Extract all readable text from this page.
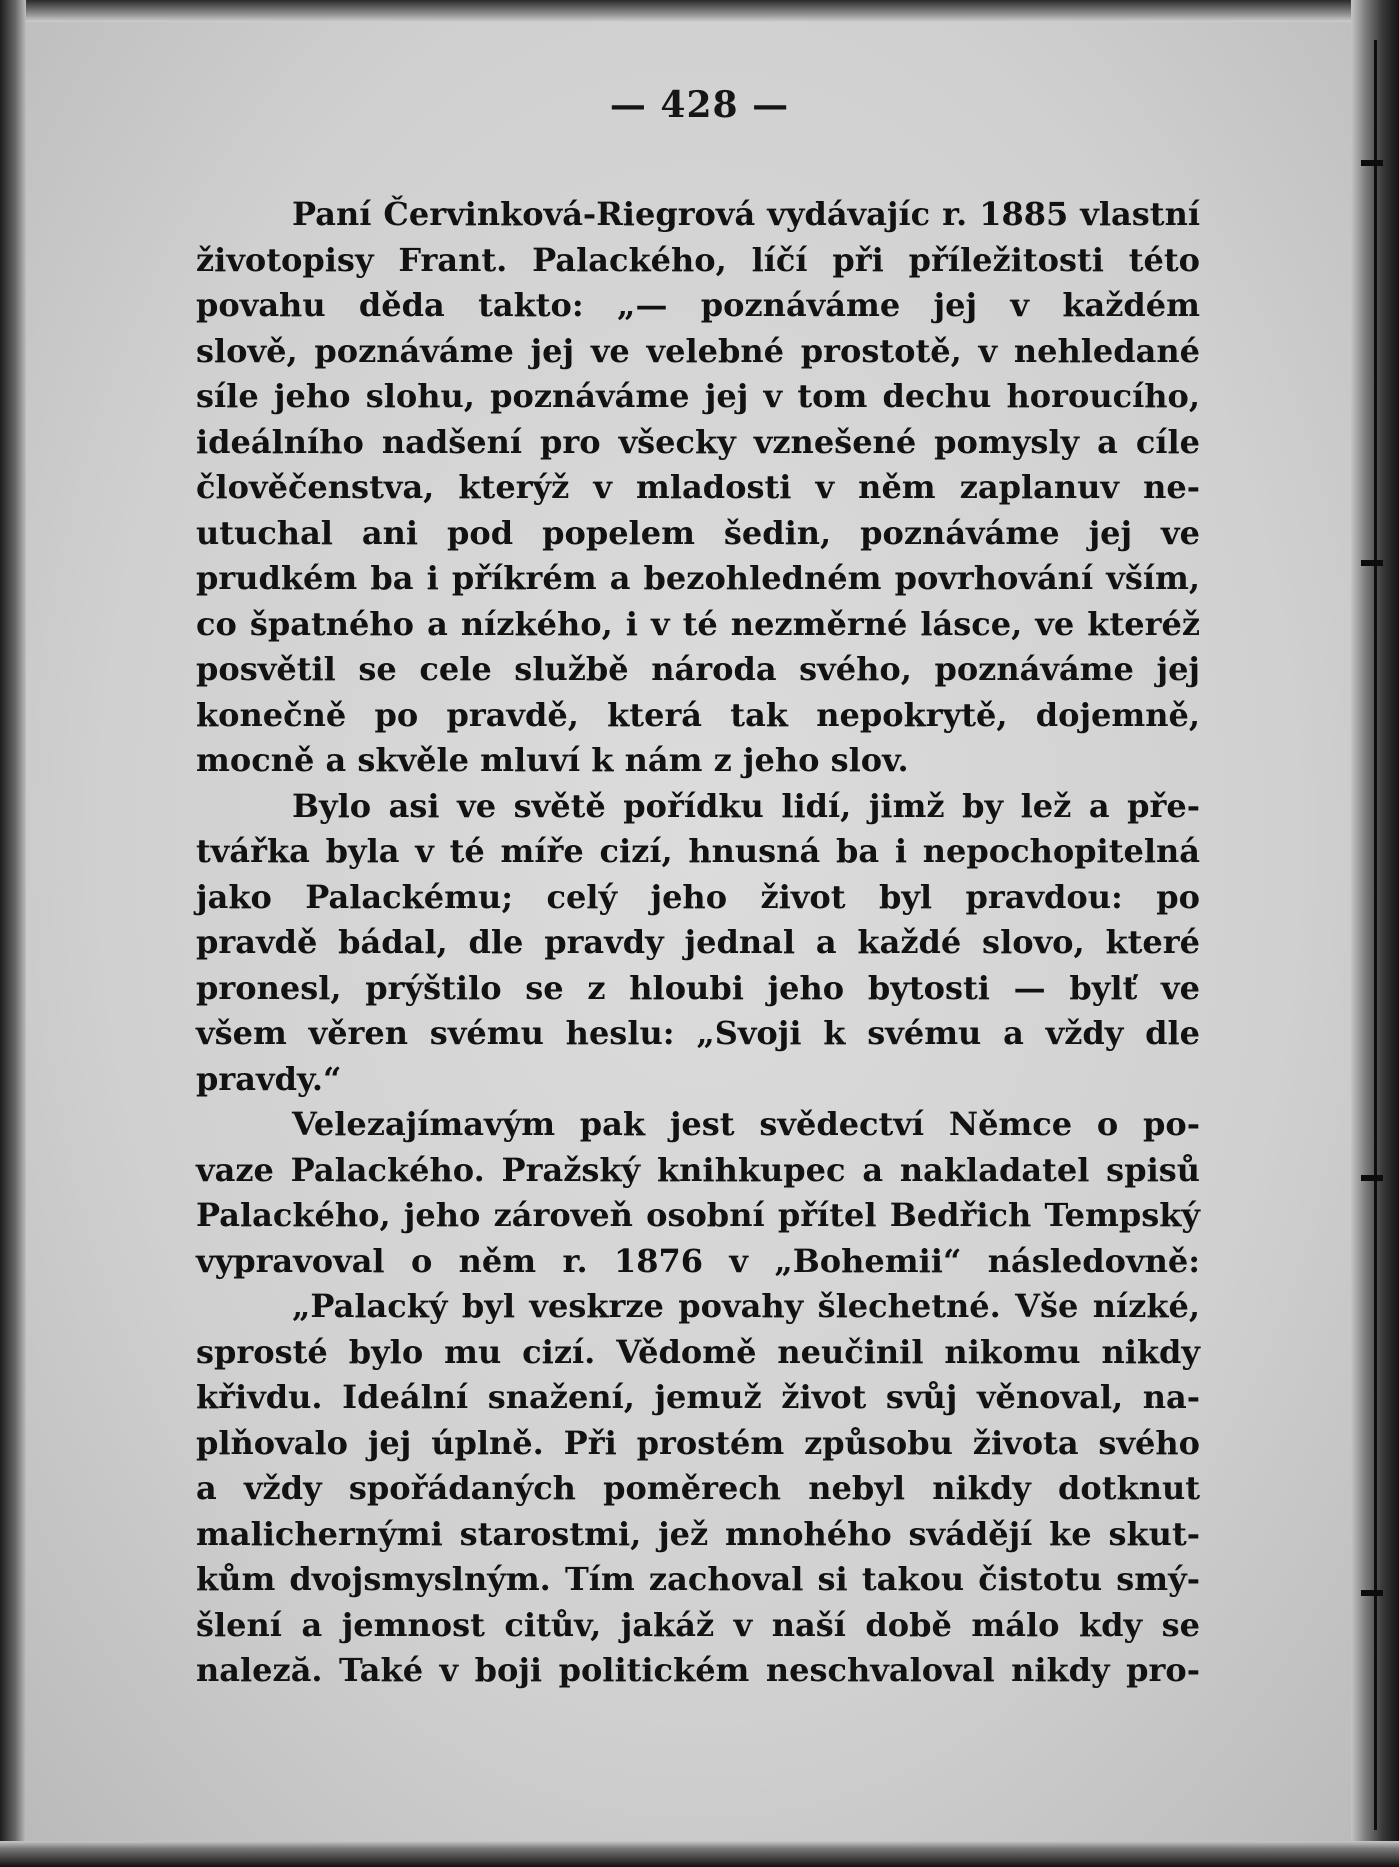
— 428 —
Paní Červinková-Riegrová vydávajíc r. 1885 vlastní
životopisy Frant. Palackého, líčí při příležitosti této
povahu děda takto: „— poznáváme jej v každém
slově, poznáváme jej ve velebné prostotě, v nehledané
síle jeho slohu, poznáváme jej v tom dechu horoucího,
ideálního nadšení pro všecky vznešené pomysly a cíle
člověčenstva, kterýž v mladosti v něm zaplanuv ne-
utuchal ani pod popelem šedin, poznáváme jej ve
prudkém ba i příkrém a bezohledném povrhování vším,
co špatného a nízkého, i v té nezměrné lásce, ve kteréž
posvětil se cele službě národa svého, poznáváme jej
konečně po pravdě, která tak nepokrytě, dojemně,
mocně a skvěle mluví k nám z jeho slov.
Bylo asi ve světě pořídku lidí, jimž by lež a pře-
tvářka byla v té míře cizí, hnusná ba i nepochopitelná
jako Palackému; celý jeho život byl pravdou: po
pravdě bádal, dle pravdy jednal a každé slovo, které
pronesl, prýštilo se z hloubi jeho bytosti — bylť ve
všem věren svému heslu: „Svoji k svému a vždy dle
pravdy.“
Velezajímavým pak jest svědectví Němce o po-
vaze Palackého. Pražský knihkupec a nakladatel spisů
Palackého, jeho zároveň osobní přítel Bedřich Tempský
vypravoval o něm r. 1876 v „Bohemii“ následovně:
„Palacký byl veskrze povahy šlechetné. Vše nízké,
sprosté bylo mu cizí. Vědomě neučinil nikomu nikdy
křivdu. Ideální snažení, jemuž život svůj věnoval, na-
plňovalo jej úplně. Při prostém způsobu života svého
a vždy spořádaných poměrech nebyl nikdy dotknut
malichernými starostmi, jež mnohého svádějí ke skut-
kům dvojsmyslným. Tím zachoval si takou čistotu smý-
šlení a jemnost citův, jakáž v naší době málo kdy se
naleză. Také v boji politickém neschvaloval nikdy pro-
